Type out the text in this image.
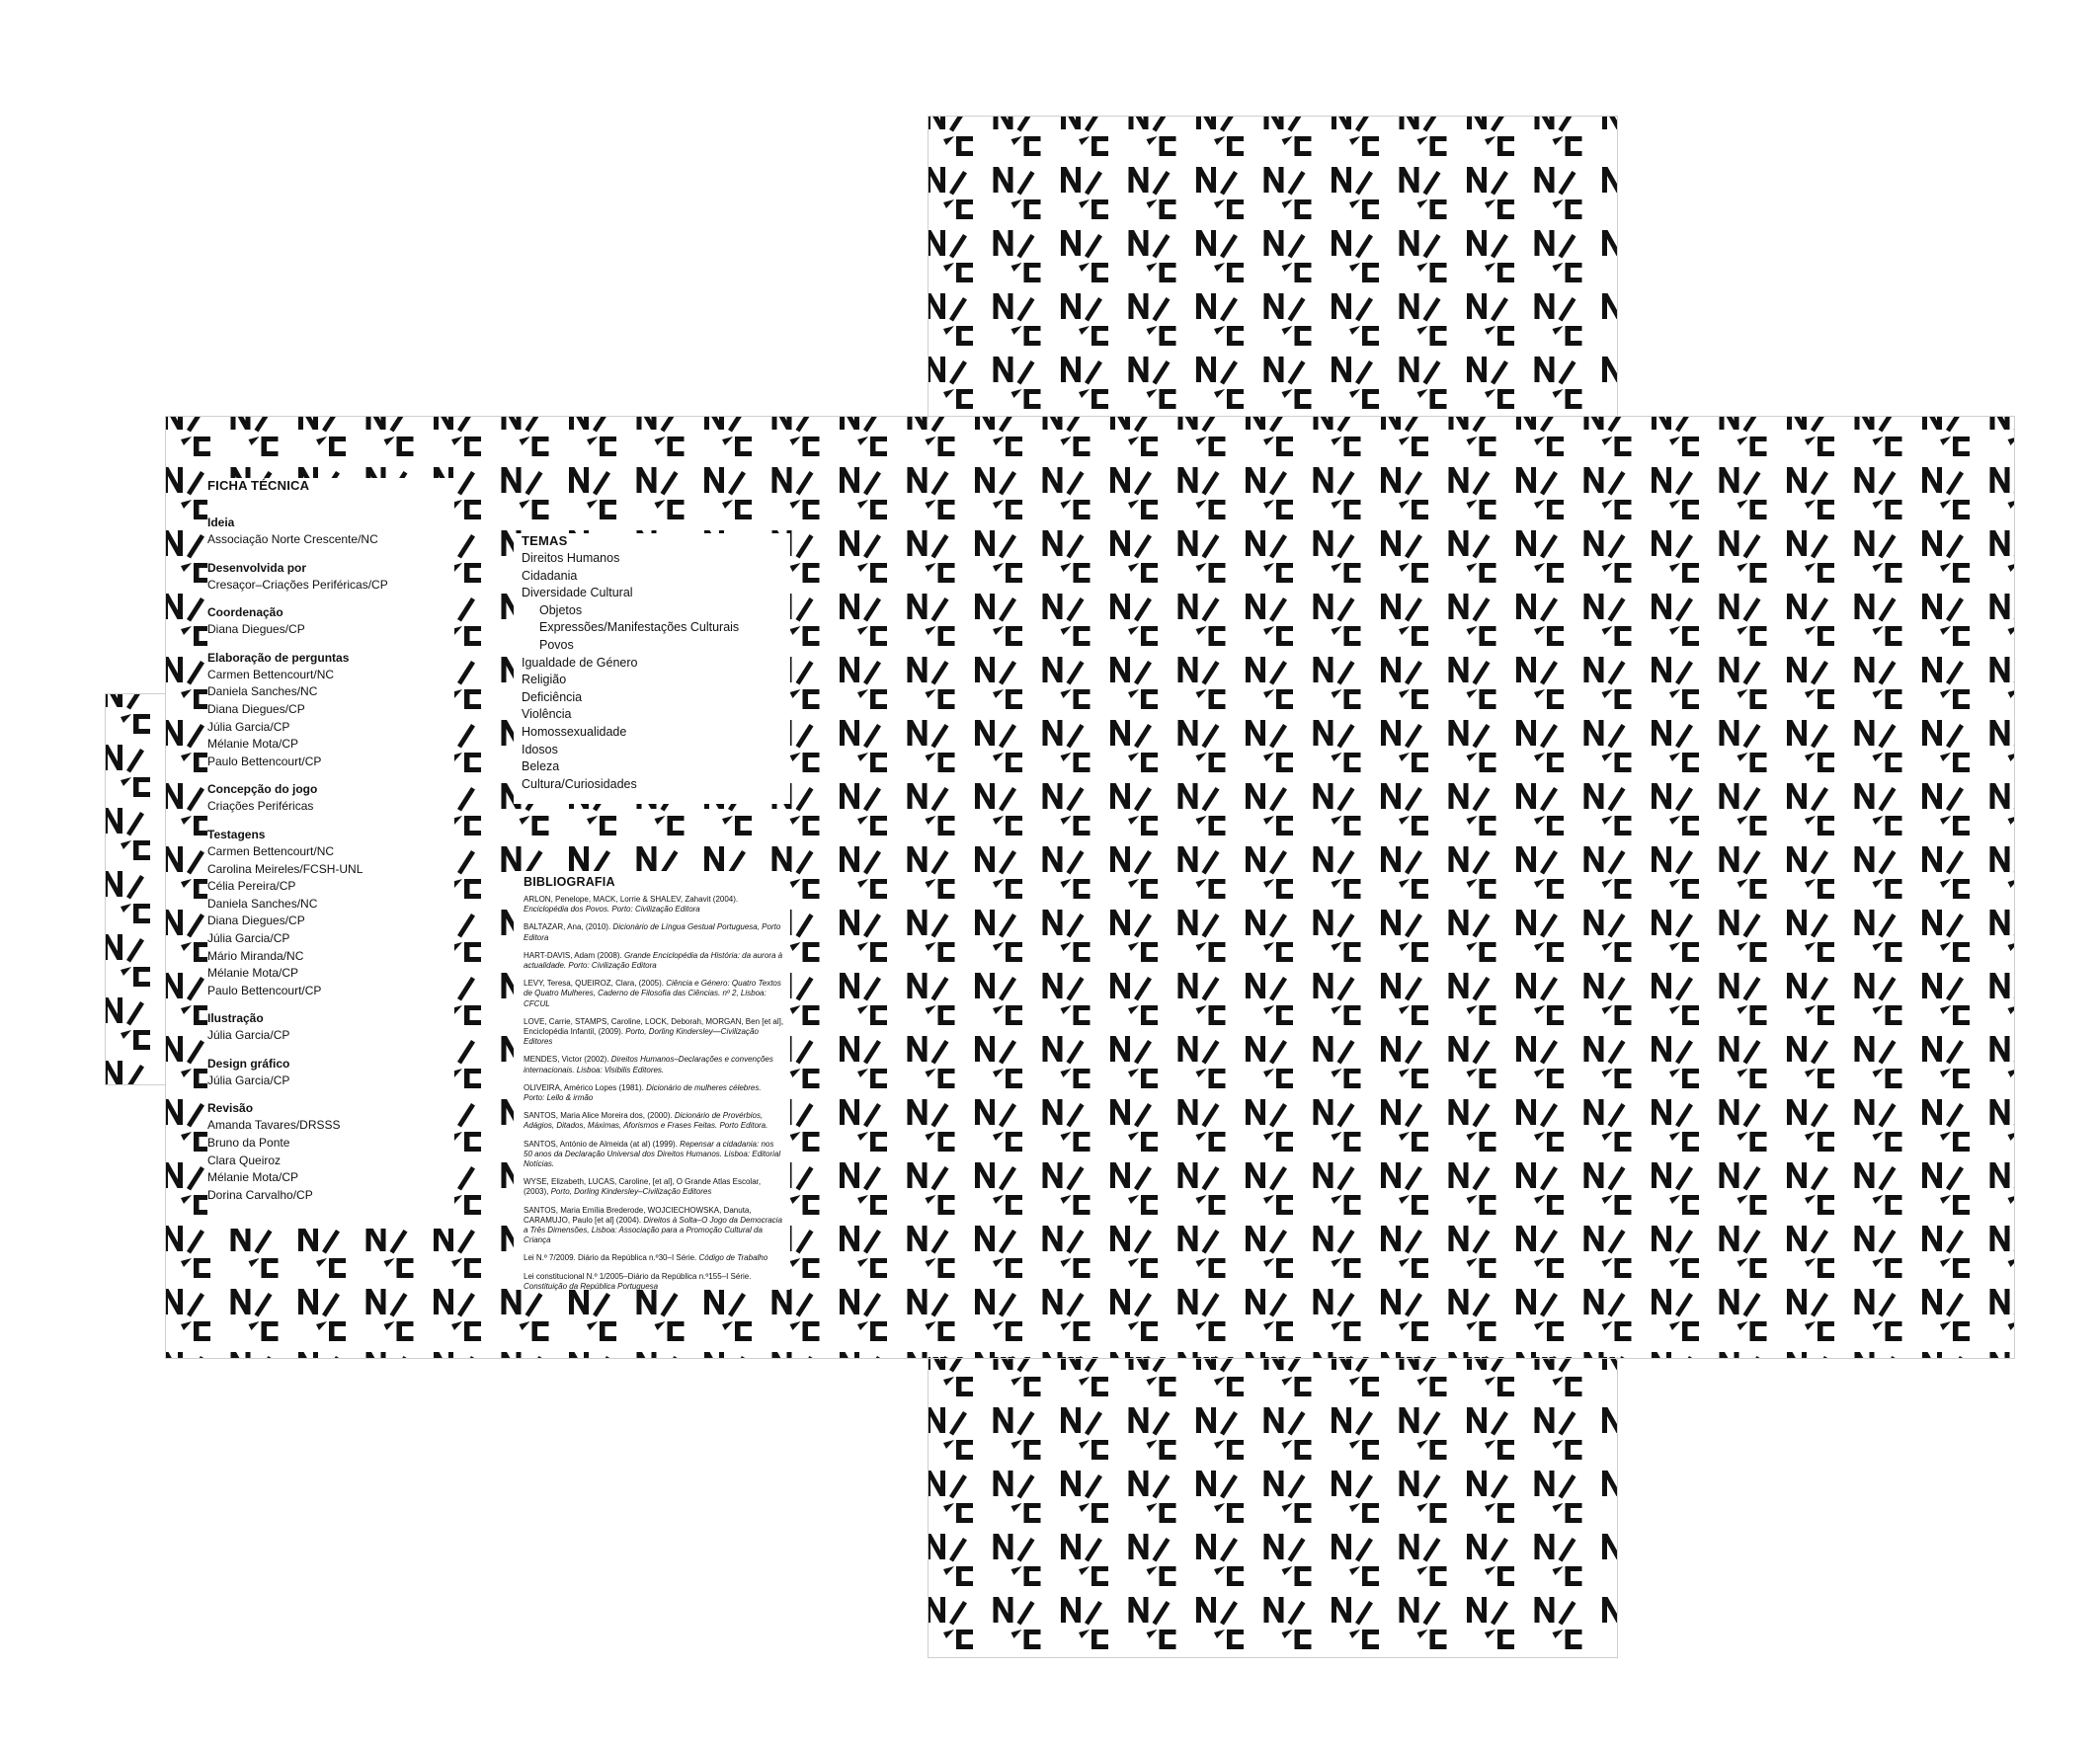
FICHA TÉCNICA

Ideia

Associação Norte Crescente/NC

Desenvolvida por

Cresaçor–Criações Periféricas/CP

Coordenação

Diana Diegues/CP

Elaboração de perguntas

Carmen Bettencourt/NC

Daniela Sanches/NC

Diana Diegues/CP

Júlia Garcia/CP

Mélanie Mota/CP

Paulo Bettencourt/CP

Concepção do jogo

Criações Periféricas

Testagens

Carmen Bettencourt/NC

Carolina Meireles/FCSH-UNL

Célia Pereira/CP

Daniela Sanches/NC

Diana Diegues/CP

Júlia Garcia/CP

Mário Miranda/NC

Mélanie Mota/CP

Paulo Bettencourt/CP

Ilustração

Júlia Garcia/CP

Design gráfico

Júlia Garcia/CP

Revisão

Amanda Tavares/DRSSS

Bruno da Ponte

Clara Queiroz

Mélanie Mota/CP

Dorina Carvalho/CP

TEMAS

Direitos Humanos

Cidadania

Diversidade Cultural

Objetos

Expressões/Manifestações Culturais

Povos

Igualdade de Género

Religião

Deficiência

Violência

Homossexualidade

Idosos

Beleza

Cultura/Curiosidades

BIBLIOGRAFIA

ARLON, Penelope, MACK, Lorrie & SHALEV, Zahavit (2004). Enciclopédia dos Povos. Porto: Civilização Editora

BALTAZAR, Ana, (2010). Dicionário de Língua Gestual Portuguesa, Porto Editora

HART-DAVIS, Adam (2008). Grande Enciclopédia da História: da aurora à actualidade. Porto: Civilização Editora

LEVY, Teresa, QUEIROZ, Clara, (2005). Ciência e Género: Quatro Textos de Quatro Mulheres, Caderno de Filosofia das Ciências. nº 2, Lisboa: CFCUL

LOVE, Carrie, STAMPS, Caroline, LOCK, Deborah, MORGAN, Ben [et al], Enciclopédia Infantil, (2009). Porto, Dorling Kindersley—Civilização Editores

MENDES, Victor (2002). Direitos Humanos–Declarações e convenções internacionais. Lisboa: Visibilis Editores.

OLIVEIRA, Américo Lopes (1981). Dicionário de mulheres célebres. Porto: Lello & irmão

SANTOS, Maria Alice Moreira dos, (2000). Dicionário de Provérbios, Adágios, Ditados, Máximas, Aforismos e Frases Feitas. Porto Editora.

SANTOS, António de Almeida (at al) (1999). Repensar a cidadania: nos 50 anos da Declaração Universal dos Direitos Humanos. Lisboa: Editorial Notícias.

WYSE, Elizabeth, LUCAS, Caroline, [et al], O Grande Atlas Escolar, (2003), Porto, Dorling Kindersley–Civilização Editores

SANTOS, Maria Emília Brederode, WOJCIECHOWSKA, Danuta, CARAMUJO, Paulo [et al] (2004). Direitos à Solta–O Jogo da Democracia a Três Dimensões, Lisboa: Associação para a Promoção Cultural da Criança

Lei N.º 7/2009. Diário da República n.º30–I Série. Código de Trabalho

Lei constitucional N.º 1/2005–Diário da República n.º155–I Série. Constituição da República Portuguesa
